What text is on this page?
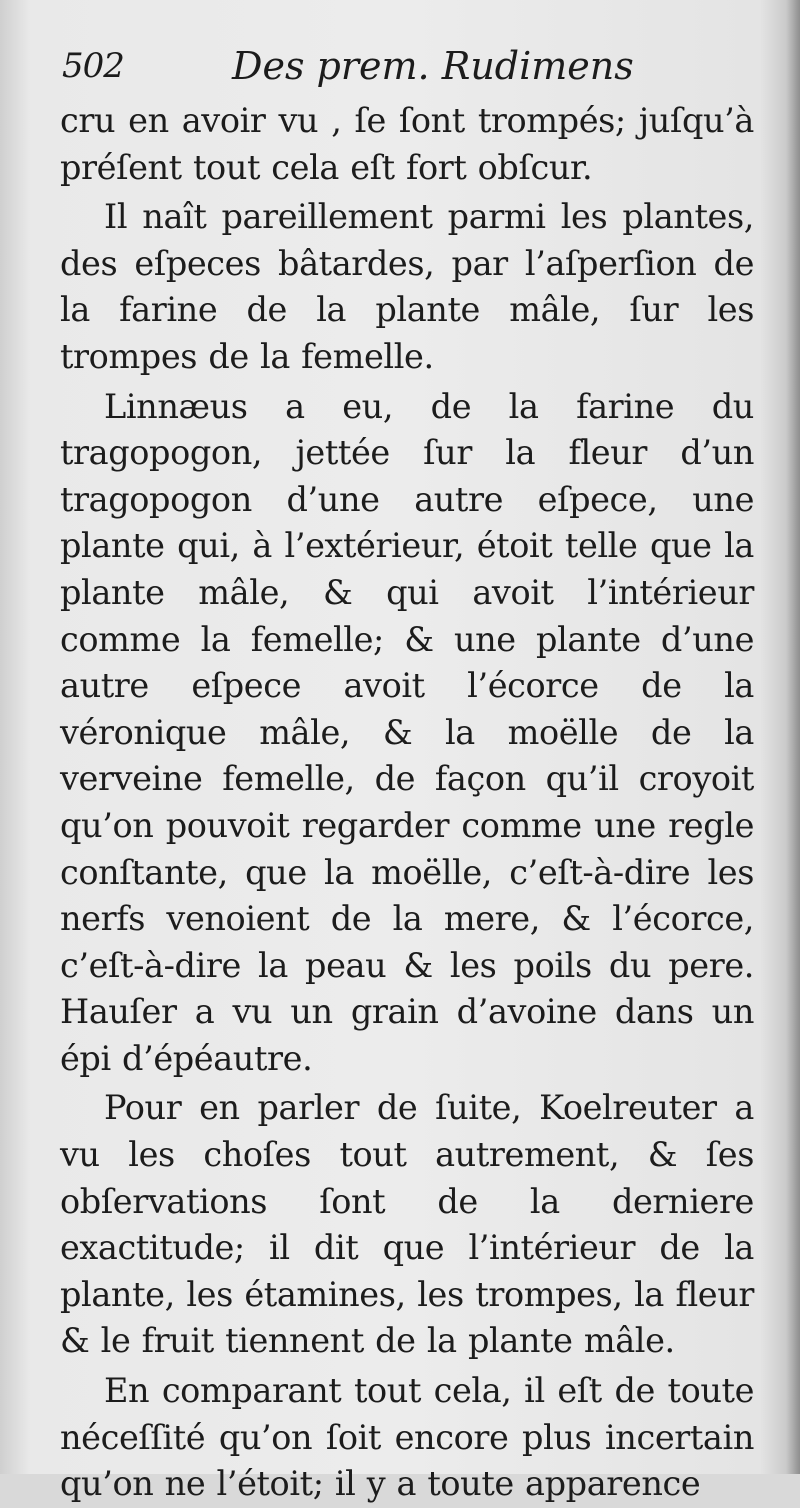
502	Des prem. Rudimens

cru en avoir vu , ſe ſont trompés; juſqu’à préſent tout cela eſt fort obſcur.

Il naît pareillement parmi les plantes, des eſpeces bâtardes, par l’aſperſion de la farine de la plante mâle, ſur les trompes de la femelle.

Linnæus a eu, de la farine du tragopogon, jettée ſur la fleur d’un tragopogon d’une autre eſpece, une plante qui, à l’extérieur, étoit telle que la plante mâle, & qui avoit l’intérieur comme la femelle; & une plante d’une autre eſpece avoit l’écorce de la véronique mâle, & la moëlle de la verveine femelle, de façon qu’il croyoit qu’on pouvoit regarder comme une regle conſtante, que la moëlle, c’eſt-à-dire les nerfs venoient de la mere, & l’écorce, c’eſt-à-dire la peau & les poils du pere. Hauſer a vu un grain d’avoine dans un épi d’épéautre.

Pour en parler de ſuite, Koelreuter a vu les choſes tout autrement, & ſes obſervations ſont de la derniere exactitude; il dit que l’intérieur de la plante, les étamines, les trompes, la fleur & le fruit tiennent de la plante mâle.

En comparant tout cela, il eſt de toute néceſſité qu’on ſoit encore plus incertain qu’on ne l’étoit; il y a toute apparence
